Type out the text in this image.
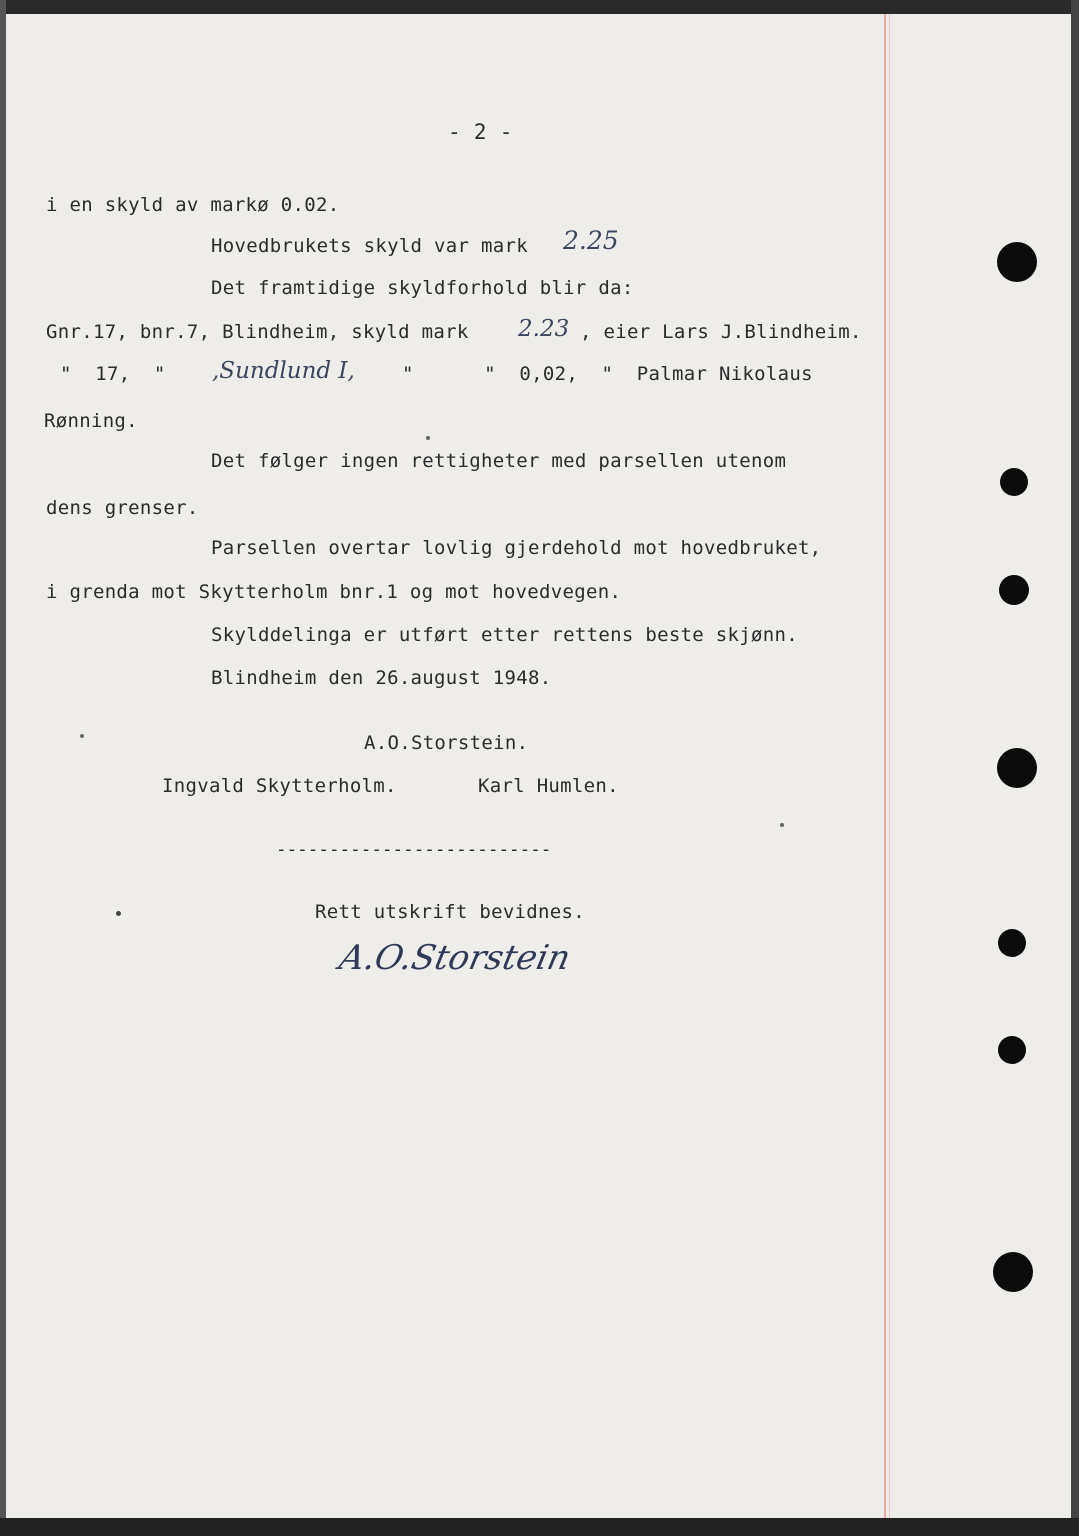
- 2 -
i en skyld av markø 0.02.
Hovedbrukets skyld var mark 2.25
Det framtidige skyldforhold blir da:
Gnr.17, bnr.7, Blindheim, skyld mark 2.23 , eier Lars J.Blindheim.
"  17,  " ,Sundlund I, "      "  0,02,  "  Palmar Nikolaus
Rønning.
Det følger ingen rettigheter med parsellen utenom
dens grenser.
Parsellen overtar lovlig gjerdehold mot hovedbruket,
i grenda mot Skytterholm bnr.1 og mot hovedvegen.
Skylddelinga er utført etter rettens beste skjønn.
Blindheim den 26.august 1948.
A.O.Storstein.
Ingvald Skytterholm.	Karl Humlen.
--------------------------
Rett utskrift bevidnes.
A.O.Storstein
